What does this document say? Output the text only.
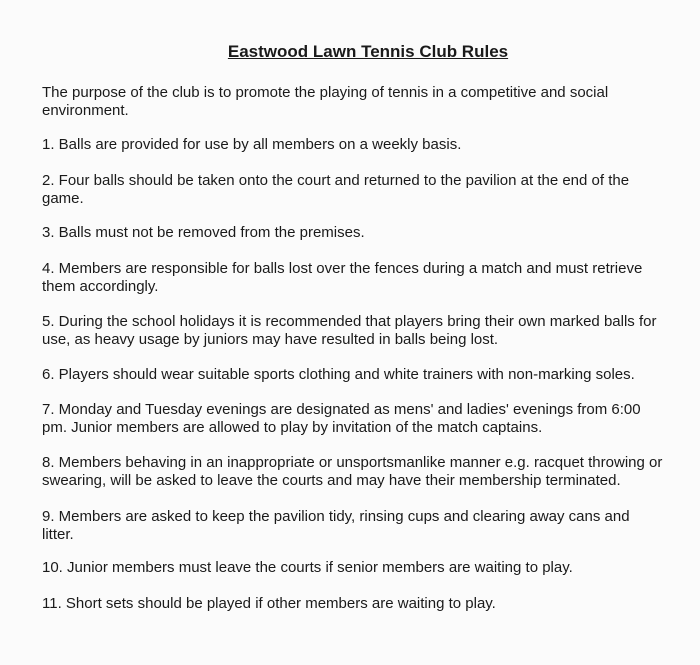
Eastwood Lawn Tennis Club Rules
The purpose of the club is to promote the playing of tennis in a competitive and social environment.
1. Balls are provided for use by all members on a weekly basis.
2. Four balls should be taken onto the court and returned to the pavilion at the end of the game.
3. Balls must not be removed from the premises.
4. Members are responsible for balls lost over the fences during a match and must retrieve them accordingly.
5. During the school holidays it is recommended that players bring their own marked balls for use, as heavy usage by juniors may have resulted in balls being lost.
6. Players should wear suitable sports clothing and white trainers with non-marking soles.
7. Monday and Tuesday evenings are designated as mens' and ladies' evenings from 6:00 pm. Junior members are allowed to play by invitation of the match captains.
8. Members behaving in an inappropriate or unsportsmanlike manner e.g. racquet throwing or swearing, will be asked to leave the courts and may have their membership terminated.
9. Members are asked to keep the pavilion tidy, rinsing cups and clearing away cans and litter.
10. Junior members must leave the courts if senior members are waiting to play.
11. Short sets should be played if other members are waiting to play.
